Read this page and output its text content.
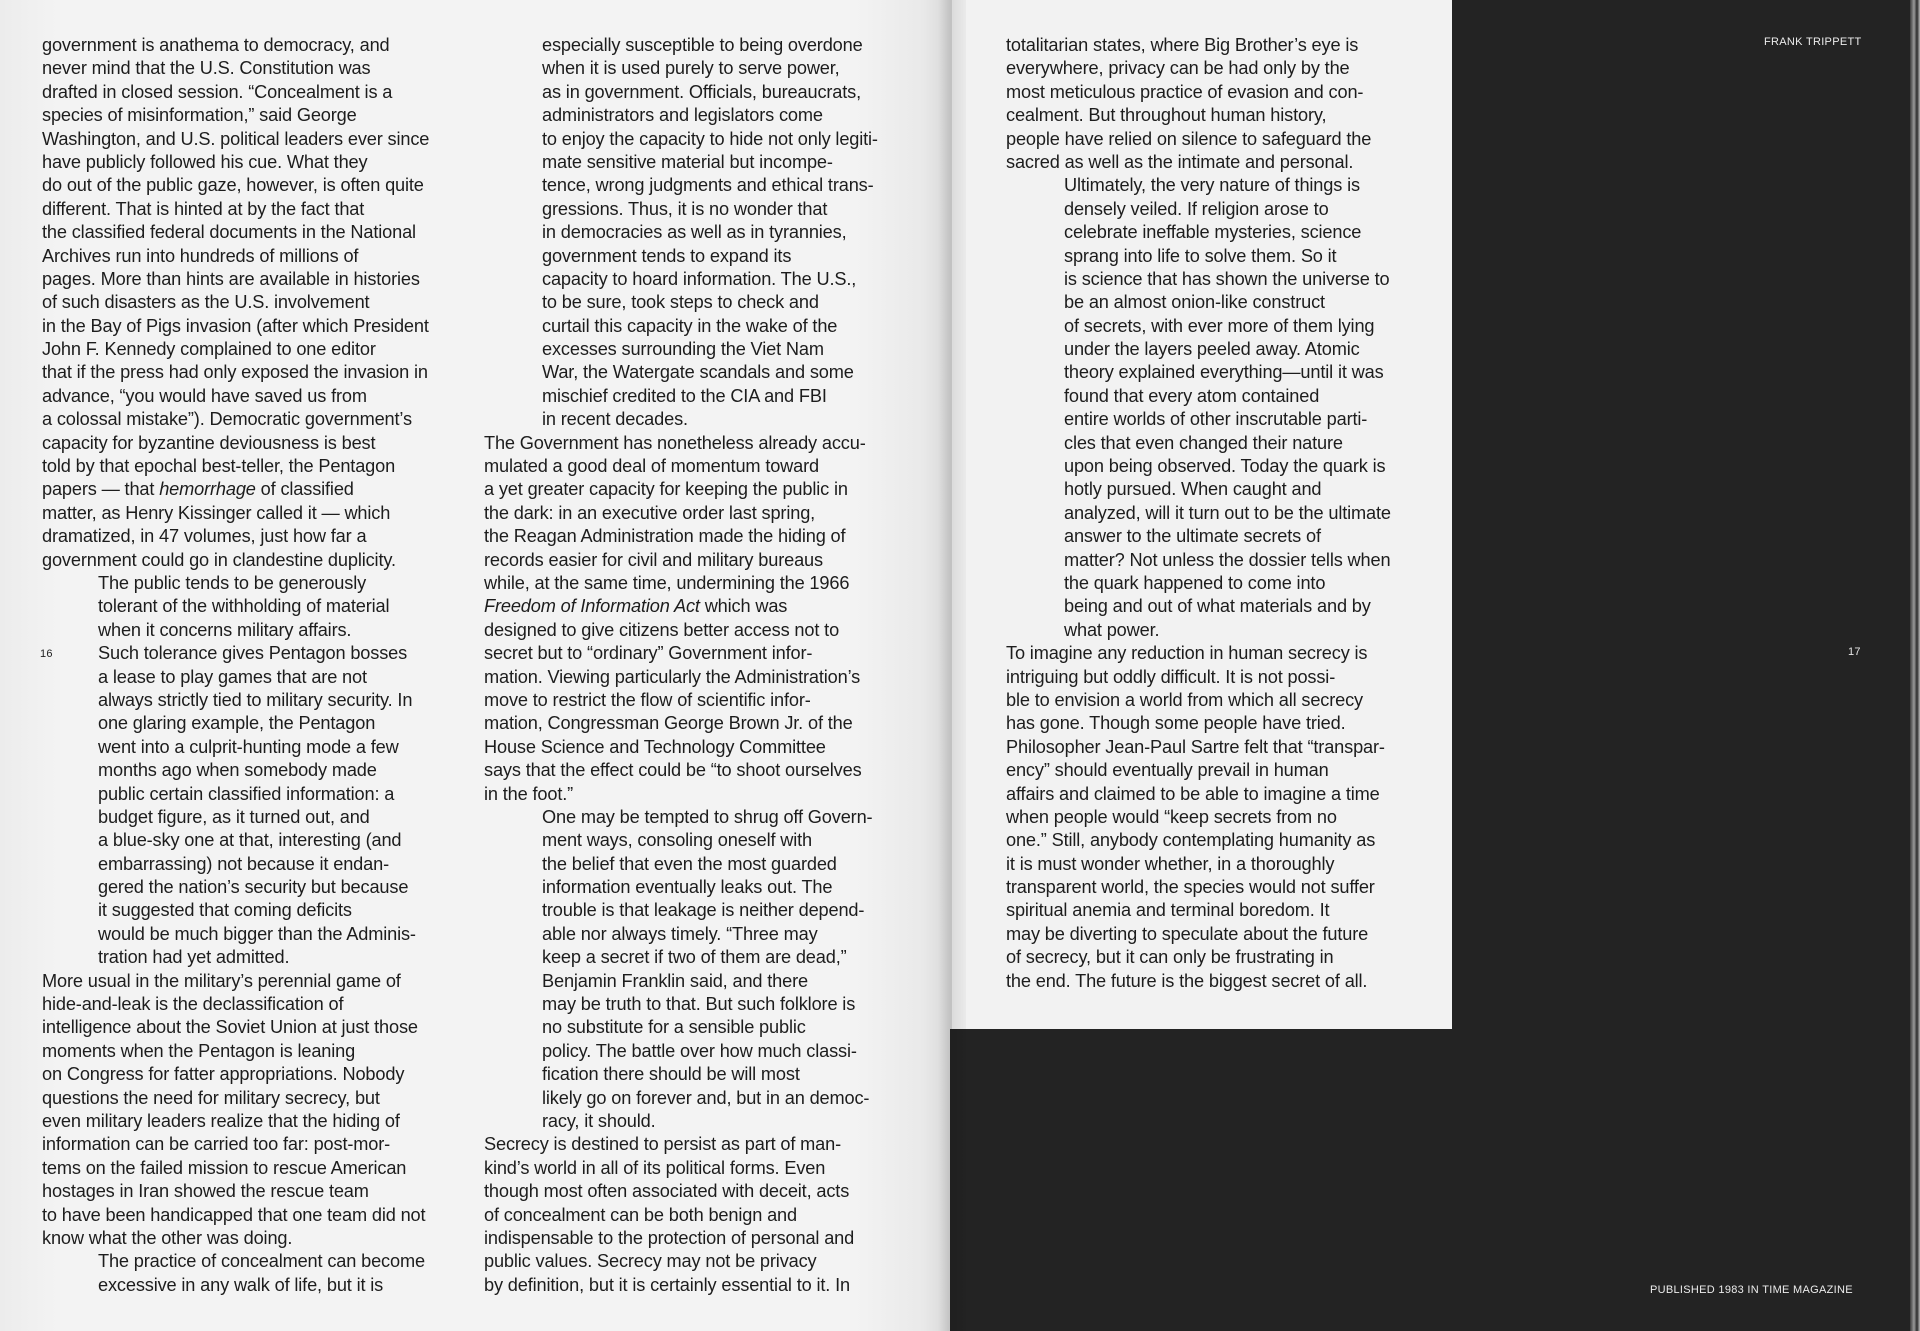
government is anathema to democracy, and
never mind that the U.S. Constitution was
drafted in closed session. “Concealment is a
species of misinformation,” said George
Washington, and U.S. political leaders ever since
have publicly followed his cue. What they
do out of the public gaze, however, is often quite
different. That is hinted at by the fact that
the classified federal documents in the National
Archives run into hundreds of millions of
pages. More than hints are available in histories
of such disasters as the U.S. involvement
in the Bay of Pigs invasion (after which President
John F. Kennedy complained to one editor
that if the press had only exposed the invasion in
advance, “you would have saved us from
a colossal mistake”). Democratic government’s
capacity for byzantine deviousness is best
told by that epochal best-teller, the Pentagon
papers — that hemorrhage of classified
matter, as Henry Kissinger called it — which
dramatized, in 47 volumes, just how far a
government could go in clandestine duplicity.
The public tends to be generously
tolerant of the withholding of material
when it concerns military affairs.
Such tolerance gives Pentagon bosses
a lease to play games that are not
always strictly tied to military security. In
one glaring example, the Pentagon
went into a culprit-hunting mode a few
months ago when somebody made
public certain classified information: a
budget figure, as it turned out, and
a blue-sky one at that, interesting (and
embarrassing) not because it endan-
gered the nation’s security but because
it suggested that coming deficits
would be much bigger than the Adminis-
tration had yet admitted.
More usual in the military’s perennial game of
hide-and-leak is the declassification of
intelligence about the Soviet Union at just those
moments when the Pentagon is leaning
on Congress for fatter appropriations. Nobody
questions the need for military secrecy, but
even military leaders realize that the hiding of
information can be carried too far: post-mor-
tems on the failed mission to rescue American
hostages in Iran showed the rescue team
to have been handicapped that one team did not
know what the other was doing.
The practice of concealment can become
excessive in any walk of life, but it is
especially susceptible to being overdone
when it is used purely to serve power,
as in government. Officials, bureaucrats,
administrators and legislators come
to enjoy the capacity to hide not only legiti-
mate sensitive material but incompe-
tence, wrong judgments and ethical trans-
gressions. Thus, it is no wonder that
in democracies as well as in tyrannies,
government tends to expand its
capacity to hoard information. The U.S.,
to be sure, took steps to check and
curtail this capacity in the wake of the
excesses surrounding the Viet Nam
War, the Watergate scandals and some
mischief credited to the CIA and FBI
in recent decades.
The Government has nonetheless already accu-
mulated a good deal of momentum toward
a yet greater capacity for keeping the public in
the dark: in an executive order last spring,
the Reagan Administration made the hiding of
records easier for civil and military bureaus
while, at the same time, undermining the 1966
Freedom of Information Act which was
designed to give citizens better access not to
secret but to “ordinary” Government infor-
mation. Viewing particularly the Administration’s
move to restrict the flow of scientific infor-
mation, Congressman George Brown Jr. of the
House Science and Technology Committee
says that the effect could be “to shoot ourselves
in the foot.”
One may be tempted to shrug off Govern-
ment ways, consoling oneself with
the belief that even the most guarded
information eventually leaks out. The
trouble is that leakage is neither depend-
able nor always timely. “Three may
keep a secret if two of them are dead,”
Benjamin Franklin said, and there
may be truth to that. But such folklore is
no substitute for a sensible public
policy. The battle over how much classi-
fication there should be will most
likely go on forever and, but in an democ-
racy, it should.
Secrecy is destined to persist as part of man-
kind’s world in all of its political forms. Even
though most often associated with deceit, acts
of concealment can be both benign and
indispensable to the protection of personal and
public values. Secrecy may not be privacy
by definition, but it is certainly essential to it. In
totalitarian states, where Big Brother’s eye is
everywhere, privacy can be had only by the
most meticulous practice of evasion and con-
cealment. But throughout human history,
people have relied on silence to safeguard the
sacred as well as the intimate and personal.
Ultimately, the very nature of things is
densely veiled. If religion arose to
celebrate ineffable mysteries, science
sprang into life to solve them. So it
is science that has shown the universe to
be an almost onion-like construct
of secrets, with ever more of them lying
under the layers peeled away. Atomic
theory explained everything—until it was
found that every atom contained
entire worlds of other inscrutable parti-
cles that even changed their nature
upon being observed. Today the quark is
hotly pursued. When caught and
analyzed, will it turn out to be the ultimate
answer to the ultimate secrets of
matter? Not unless the dossier tells when
the quark happened to come into
being and out of what materials and by
what power.
To imagine any reduction in human secrecy is
intriguing but oddly difficult. It is not possi-
ble to envision a world from which all secrecy
has gone. Though some people have tried.
Philosopher Jean-Paul Sartre felt that “transpar-
ency” should eventually prevail in human
affairs and claimed to be able to imagine a time
when people would “keep secrets from no
one.” Still, anybody contemplating humanity as
it is must wonder whether, in a thoroughly
transparent world, the species would not suffer
spiritual anemia and terminal boredom. It
may be diverting to speculate about the future
of secrecy, but it can only be frustrating in
the end. The future is the biggest secret of all.
16	17
FRANK TRIPPETT
PUBLISHED 1983 IN TIME MAGAZINE
